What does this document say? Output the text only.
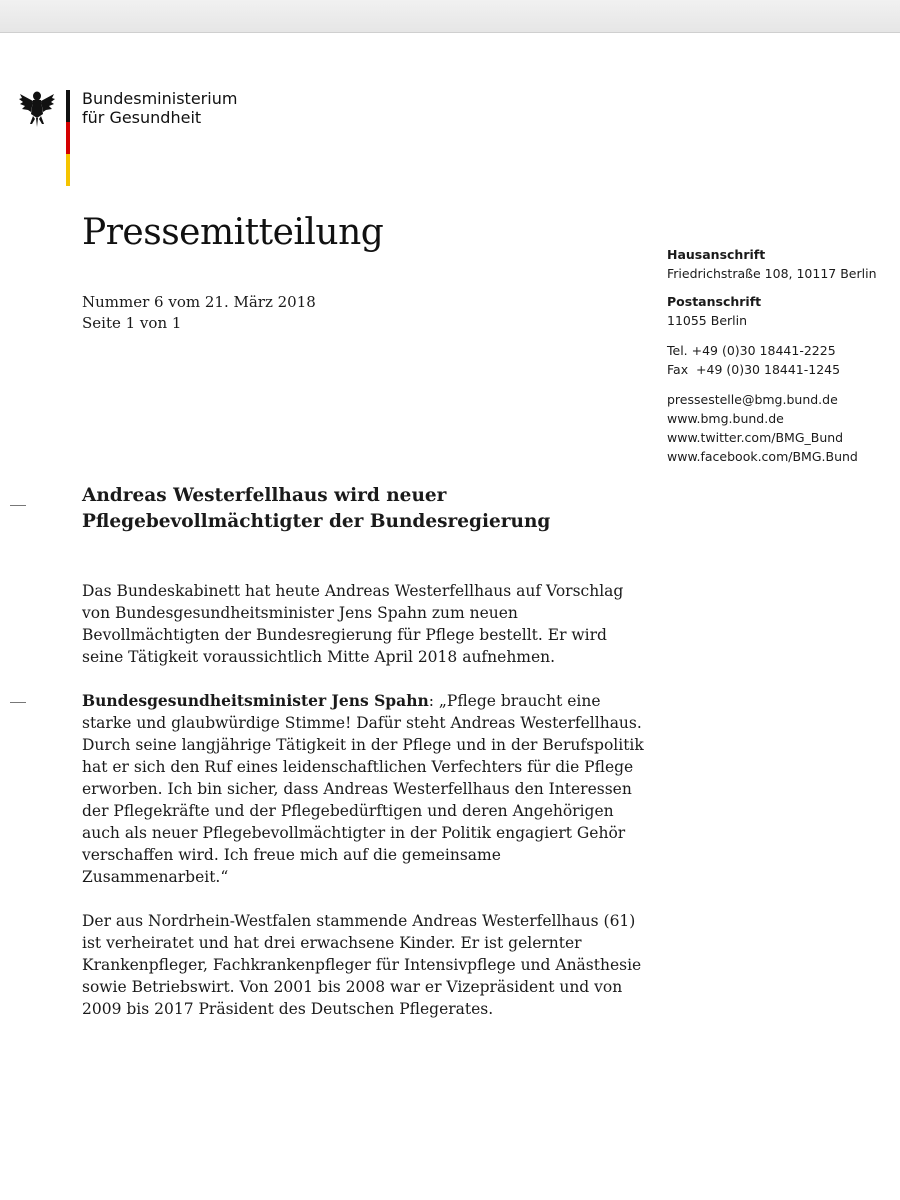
Bundesministerium
für Gesundheit
Pressemitteilung
Nummer 6 vom 21. März 2018
Seite 1 von 1
Hausanschrift
Friedrichstraße 108, 10117 Berlin
Postanschrift
11055 Berlin
Tel. +49 (0)30 18441-2225
Fax  +49 (0)30 18441-1245
pressestelle@bmg.bund.de
www.bmg.bund.de
www.twitter.com/BMG_Bund
www.facebook.com/BMG.Bund
Andreas Westerfellhaus wird neuer
Pflegebevollmächtigter der Bundesregierung

Das Bundeskabinett hat heute Andreas Westerfellhaus auf Vorschlag von Bundesgesundheitsminister Jens Spahn zum neuen Bevollmächtigten der Bundesregierung für Pflege bestellt. Er wird seine Tätigkeit voraussichtlich Mitte April 2018 aufnehmen.

Bundesgesundheitsminister Jens Spahn: „Pflege braucht eine starke und glaubwürdige Stimme! Dafür steht Andreas Westerfellhaus. Durch seine langjährige Tätigkeit in der Pflege und in der Berufspolitik hat er sich den Ruf eines leidenschaftlichen Verfechters für die Pflege erworben. Ich bin sicher, dass Andreas Westerfellhaus den Interessen der Pflegekräfte und der Pflegebedürftigen und deren Angehörigen auch als neuer Pflegebevollmächtigter in der Politik engagiert Gehör verschaffen wird. Ich freue mich auf die gemeinsame Zusammenarbeit.“

Der aus Nordrhein-Westfalen stammende Andreas Westerfellhaus (61) ist verheiratet und hat drei erwachsene Kinder. Er ist gelernter Krankenpfleger, Fachkrankenpfleger für Intensivpflege und Anästhesie sowie Betriebswirt. Von 2001 bis 2008 war er Vizepräsident und von 2009 bis 2017 Präsident des Deutschen Pflegerates.
